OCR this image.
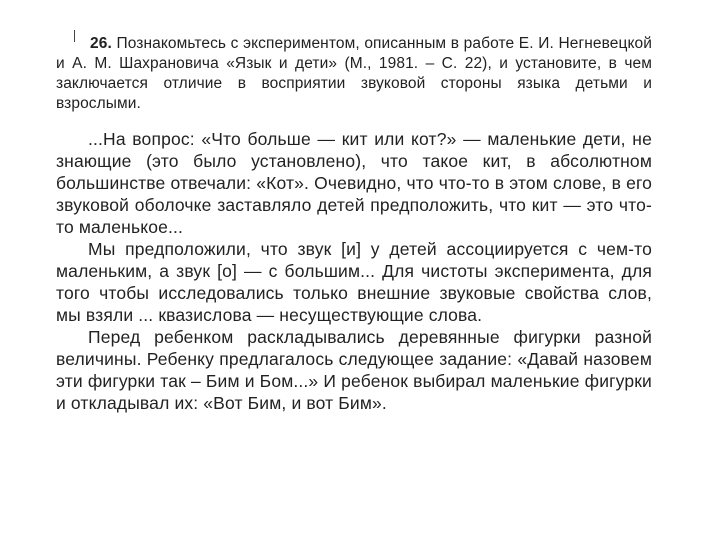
26. Познакомьтесь с экспериментом, описанным в работе Е. И. Негневецкой и А. М. Шахрановича «Язык и дети» (М., 1981. – С. 22), и установите, в чем заключается отличие в восприятии звуковой стороны языка детьми и взрослыми.

...На вопрос: «Что больше — кит или кот?» — маленькие дети, не знающие (это было установлено), что такое кит, в абсолютном большинстве отвечали: «Кот». Очевидно, что что-то в этом слове, в его звуковой оболочке заставляло детей предположить, что кит — это что-то маленькое...

Мы предположили, что звук [и] у детей ассоциируется с чем-то маленьким, а звук [о] — с большим... Для чистоты эксперимента, для того чтобы исследовались только внешние звуковые свойства слов, мы взяли ... квазислова — несуществующие слова.

Перед ребенком раскладывались деревянные фигурки разной величины. Ребенку предлагалось следующее задание: «Давай назовем эти фигурки так – Бим и Бом...» И ребенок выбирал маленькие фигурки и откладывал их: «Вот Бим, и вот Бим».
